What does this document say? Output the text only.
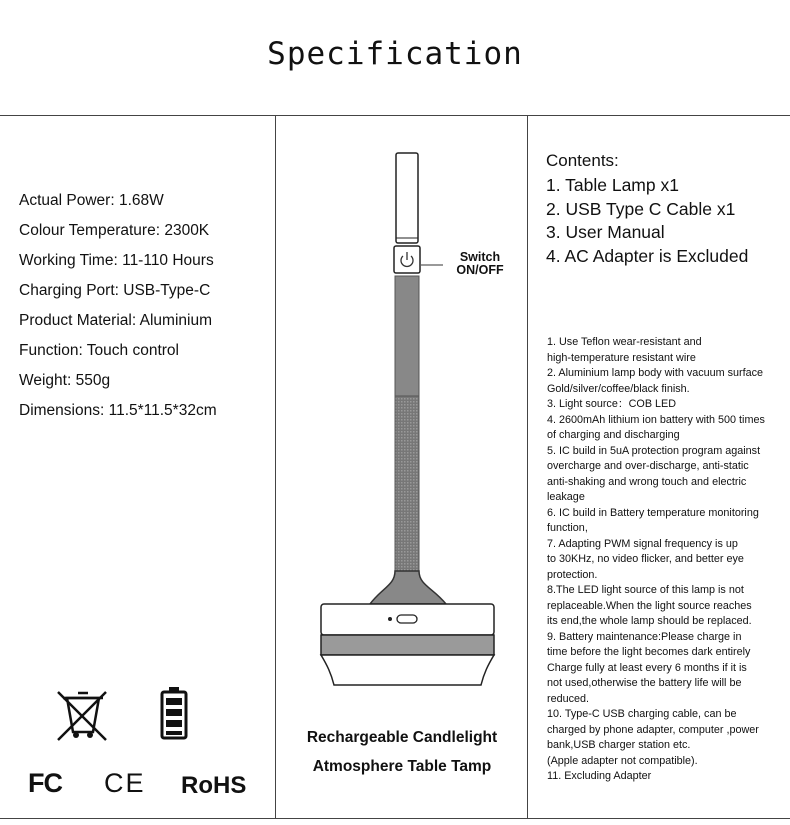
Specification
Actual Power: 1.68W
Colour Temperature: 2300K
Working Time: 11-110 Hours
Charging Port: USB-Type-C
Product Material: Aluminium
Function: Touch control
Weight: 550g
Dimensions: 11.5*11.5*32cm
FC CE RoHS
Switch
ON/OFF
Rechargeable Candlelight
Atmosphere Table Tamp
Contents:
1. Table Lamp x1
2. USB Type C Cable x1
3. User Manual
4. AC Adapter is Excluded
1. Use Teflon wear-resistant and
high-temperature resistant wire
2. Aluminium lamp body with vacuum surface
Gold/silver/coffee/black finish.
3. Light source：COB LED
4. 2600mAh lithium ion battery with 500 times
of charging and discharging
5. IC build in 5uA protection program against
overcharge and over-discharge, anti-static
anti-shaking and wrong touch and electric
leakage
6. IC build in Battery temperature monitoring
function,
7. Adapting PWM signal frequency is up
to 30KHz, no video flicker, and better eye
protection.
8.The LED light source of this lamp is not
replaceable.When the light source reaches
its end,the whole lamp should be replaced.
9. Battery maintenance:Please charge in
time before the light becomes dark entirely
Charge fully at least every 6 months if it is
not used,otherwise the battery life will be
reduced.
10. Type-C USB charging cable, can be
charged by phone adapter, computer ,power
bank,USB charger station etc.
(Apple adapter not compatible).
11. Excluding Adapter
